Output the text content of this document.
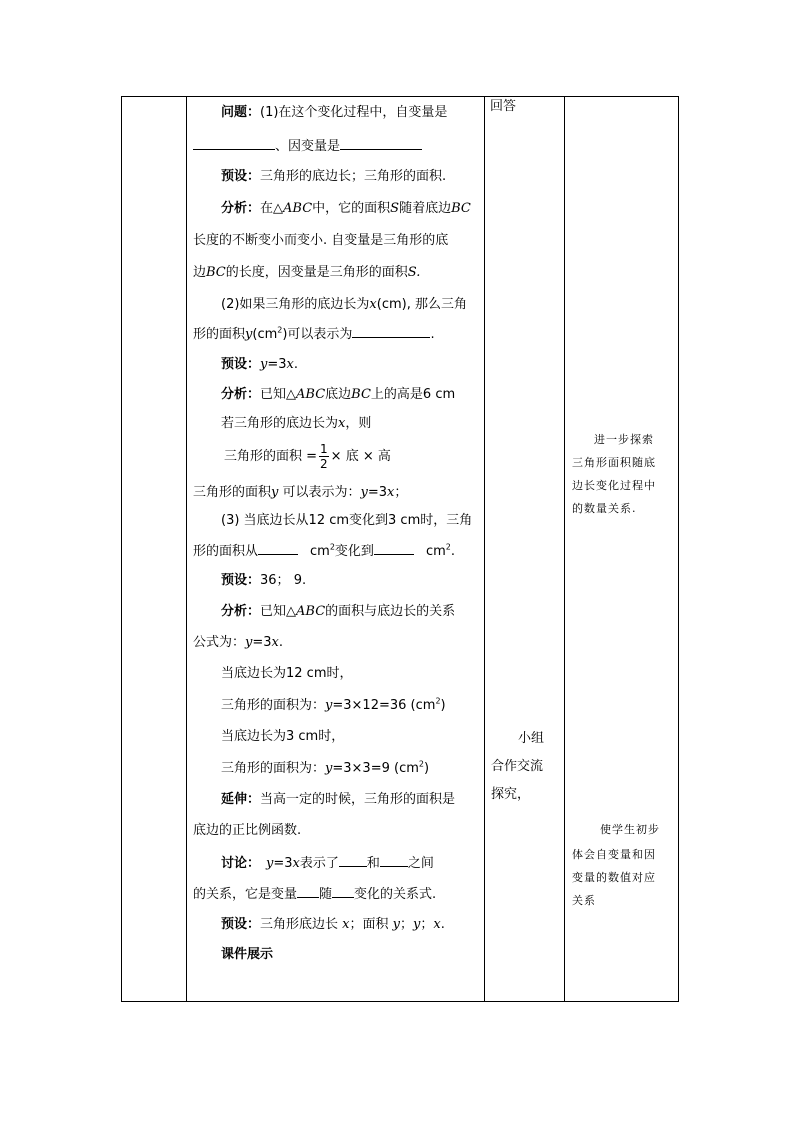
回答
小组
合作交流
探究，
进一步探索
三角形面积随底
边长变化过程中
的数量关系.
使学生初步
体会自变量和因
变量的数值对应
关系
问题：(1)在这个变化过程中，自变量是
、因变量是
预设：三角形的底边长；三角形的面积.
分析：在△ABC中，它的面积S随着底边BC
长度的不断变小而变小. 自变量是三角形的底
边BC的长度，因变量是三角形的面积S.
(2)如果三角形的底边长为x(cm), 那么三角
形的面积$y(cm^2)$可以表示为	.
预设：y=3x.
分析：已知△ABC底边BC上的高是6 cm
若三角形的底边长为x，则
三角形的面积 = $\frac{1}{2}$ × 底 × 高
三角形的面积y 可以表示为：y=3x；
(3) 当底边长从12 cm变化到3 cm时，三角
形的面积从	$cm^2$变化到	$cm^2$.
预设：36； 9.
分析：已知△ABC的面积与底边长的关系
公式为：y=3x.
当底边长为12 cm时，
三角形的面积为：y=3×12=36 $(cm^2)$
当底边长为3 cm时，
三角形的面积为：y=3×3=9 $(cm^2)$
延伸：当高一定的时候，三角形的面积是
底边的正比例函数.
讨论： y=3x表示了 和 之间
的关系，它是变量 随 变化的关系式.
预设：三角形底边长 x；面积 y；y；x.
课件展示
